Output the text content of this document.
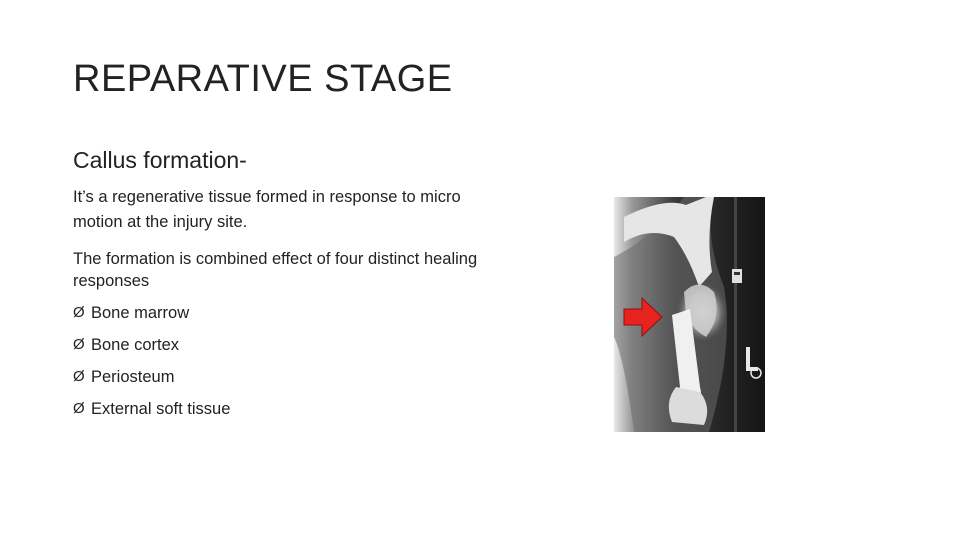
REPARATIVE STAGE
Callus formation-
It’s a regenerative tissue formed in response to micro motion at the injury site.
The formation is combined effect of four distinct healing responses
Ø Bone marrow
Ø Bone cortex
Ø Periosteum
Ø External soft tissue
